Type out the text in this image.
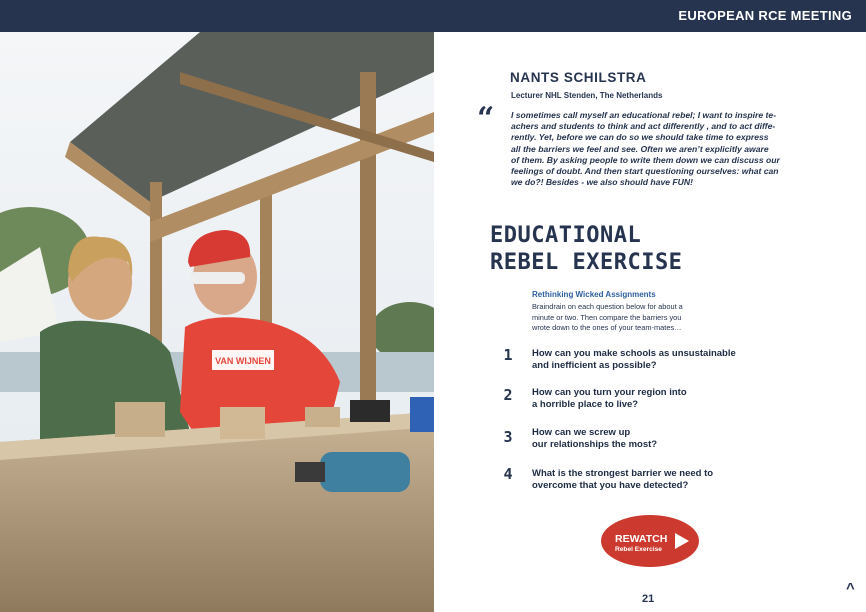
EUROPEAN RCE MEETING
VAN WIJNEN
NANTS SCHILSTRA
Lecturer NHL Stenden, The Netherlands
“ I sometimes call myself an educational rebel; I want to inspire te-
achers and students to think and act differently , and to act diffe-
rently. Yet, before we can do so we should take time to express
all the barriers we feel and see. Often we aren’t explicitly aware
of them. By asking people to write them down we can discuss our
feelings of doubt. And then start questioning ourselves: what can
we do?! Besides - we also should have FUN!
EDUCATIONAL
REBEL EXERCISE
Rethinking Wicked Assignments
Braindrain on each question below for about a
minute or two. Then compare the barriers you
wrote down to the ones of your team-mates…
1	How can you make schools as unsustainable
and inefficient as possible?
2	How can you turn your region into
a horrible place to live?
3	How can we screw up
our relationships the most?
4	What is the strongest barrier we need to
overcome that you have detected?
REWATCH
Rebel Exercise
21
^
